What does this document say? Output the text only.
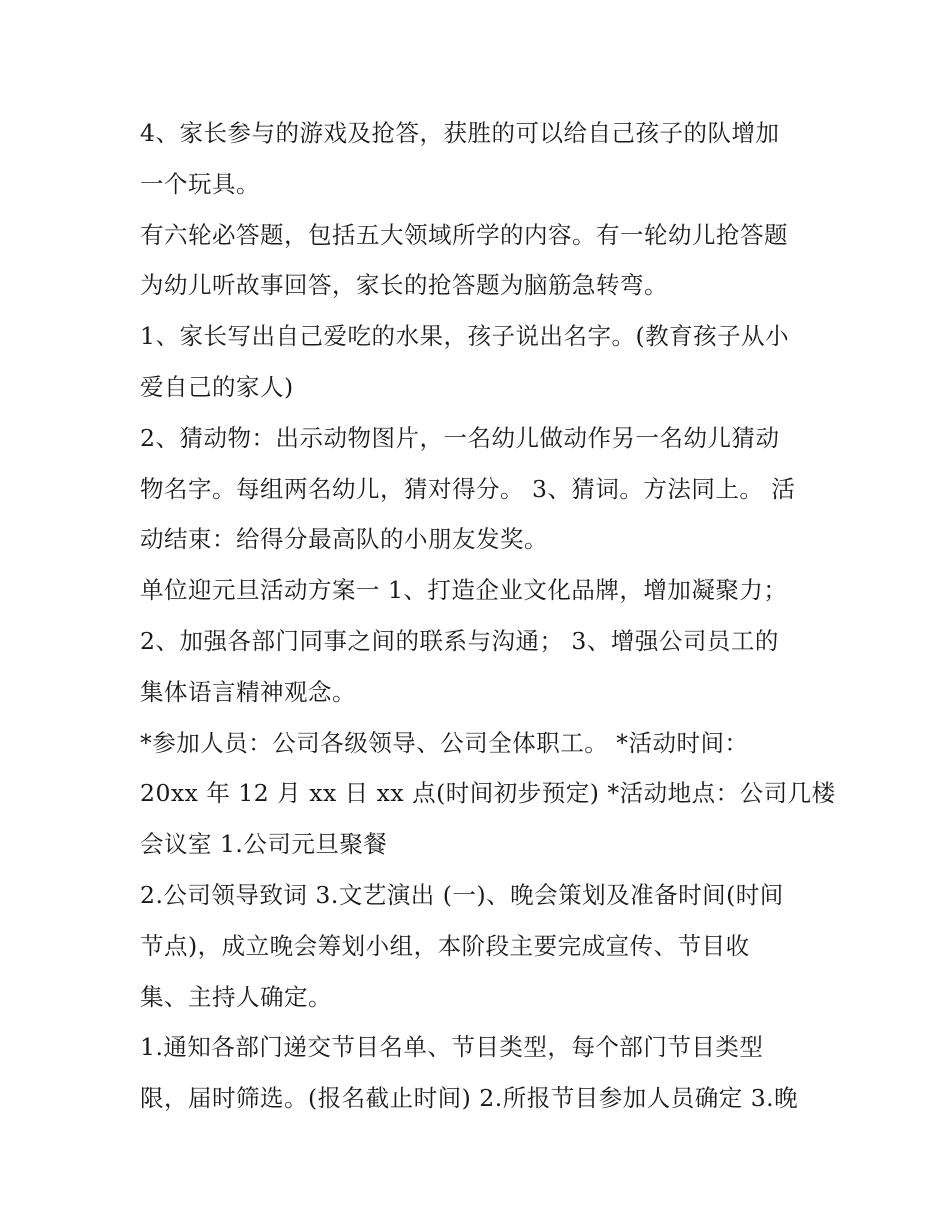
4、家长参与的游戏及抢答，获胜的可以给自己孩子的队增加
一个玩具。
有六轮必答题，包括五大领域所学的内容。有一轮幼儿抢答题
为幼儿听故事回答，家长的抢答题为脑筋急转弯。
1、家长写出自己爱吃的水果，孩子说出名字。(教育孩子从小
爱自己的家人)
2、猜动物：出示动物图片，一名幼儿做动作另一名幼儿猜动
物名字。每组两名幼儿，猜对得分。 3、猜词。方法同上。 活
动结束：给得分最高队的小朋友发奖。
单位迎元旦活动方案一 1、打造企业文化品牌，增加凝聚力；
2、加强各部门同事之间的联系与沟通； 3、增强公司员工的
集体语言精神观念。
*参加人员：公司各级领导、公司全体职工。 *活动时间：
20xx 年 12 月 xx 日 xx 点(时间初步预定) *活动地点：公司几楼
会议室 1.公司元旦聚餐
2.公司领导致词 3.文艺演出 (一)、晚会策划及准备时间(时间
节点)，成立晚会筹划小组，本阶段主要完成宣传、节目收
集、主持人确定。
1.通知各部门递交节目名单、节目类型，每个部门节目类型
限，届时筛选。(报名截止时间) 2.所报节目参加人员确定 3.晚
